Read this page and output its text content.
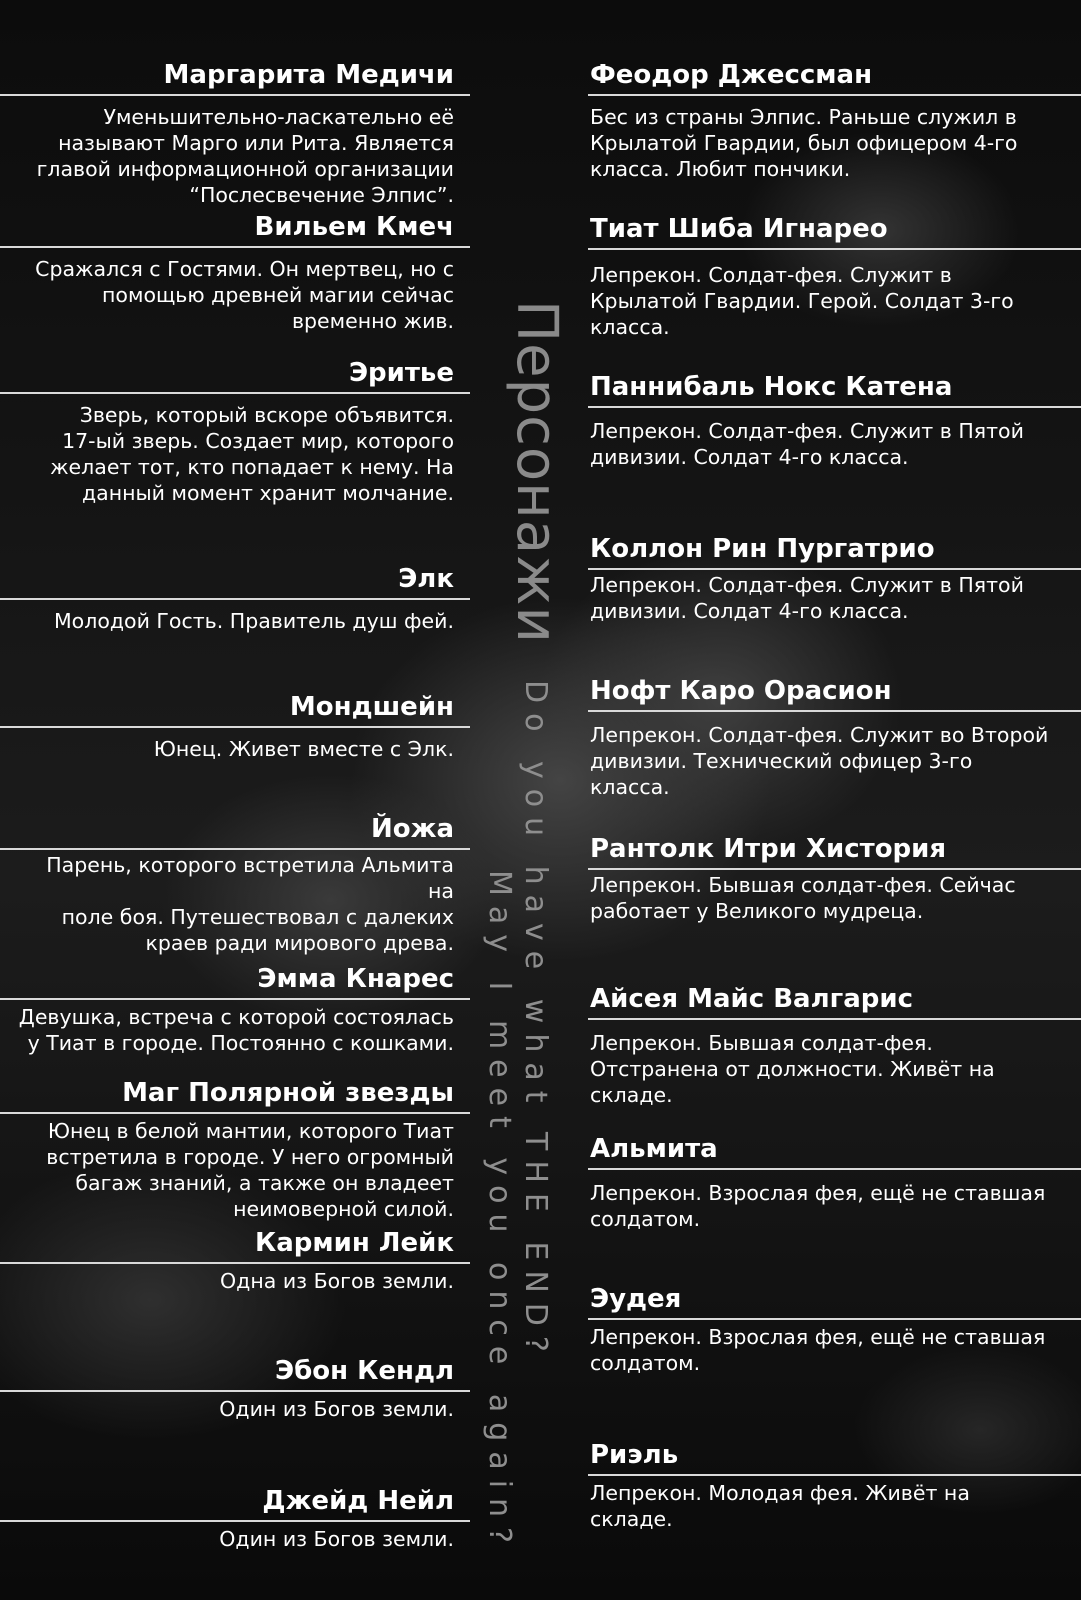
Персонажи
Do you have what THE END?
May I meet you once again?
Маргарита Медичи
Уменьшительно-ласкательно её
называют Марго или Рита. Является
главой информационной организации
“Послесвечение Элпис”.
Вильем Кмеч
Сражался с Гостями. Он мертвец, но с
помощью древней магии сейчас
временно жив.
Эритье
Зверь, который вскоре объявится.
17-ый зверь. Создает мир, которого
желает тот, кто попадает к нему. На
данный момент хранит молчание.
Элк
Молодой Гость. Правитель душ фей.
Мондшейн
Юнец. Живет вместе с Элк.
Йожа
Парень, которого встретила Альмита на
поле боя. Путешествовал с далеких
краев ради мирового древа.
Эмма Кнарес
Девушка, встреча с которой состоялась
у Тиат в городе. Постоянно с кошками.
Маг Полярной звезды
Юнец в белой мантии, которого Тиат
встретила в городе. У него огромный
багаж знаний, а также он владеет
неимоверной силой.
Кармин Лейк
Одна из Богов земли.
Эбон Кендл
Один из Богов земли.
Джейд Нейл
Один из Богов земли.
Феодор Джессман
Бес из страны Элпис. Раньше служил в
Крылатой Гвардии, был офицером 4-го
класса. Любит пончики.
Тиат Шиба Игнарео
Лепрекон. Солдат-фея. Служит в
Крылатой Гвардии. Герой. Солдат 3-го
класса.
Паннибаль Нокс Катена
Лепрекон. Солдат-фея. Служит в Пятой
дивизии. Солдат 4-го класса.
Коллон Рин Пургатрио
Лепрекон. Солдат-фея. Служит в Пятой
дивизии. Солдат 4-го класса.
Нофт Каро Орасион
Лепрекон. Солдат-фея. Служит во Второй
дивизии. Технический офицер 3-го
класса.
Рантолк Итри Хистория
Лепрекон. Бывшая солдат-фея. Сейчас
работает у Великого мудреца.
Айсея Майс Валгарис
Лепрекон. Бывшая солдат-фея.
Отстранена от должности. Живёт на
складе.
Альмита
Лепрекон. Взрослая фея, ещё не ставшая
солдатом.
Эудея
Лепрекон. Взрослая фея, ещё не ставшая
солдатом.
Риэль
Лепрекон. Молодая фея. Живёт на
складе.
